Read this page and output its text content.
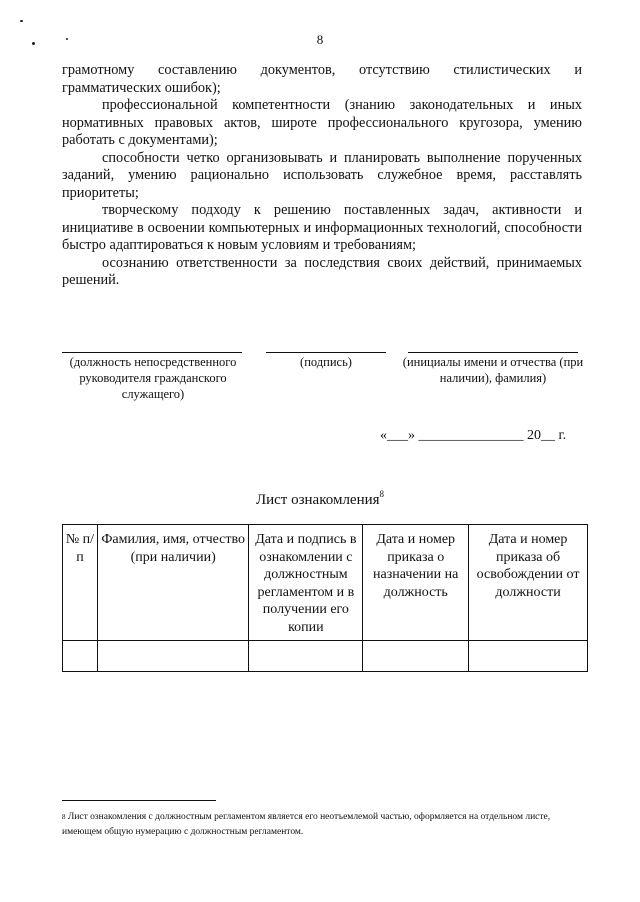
8

грамотному составлению документов, отсутствию стилистических и грамматических ошибок);

профессиональной компетентности (знанию законодательных и иных нормативных правовых актов, широте профессионального кругозора, умению работать с документами);

способности четко организовывать и планировать выполнение порученных заданий, умению рационально использовать служебное время, расставлять приоритеты;

творческому подходу к решению поставленных задач, активности и инициативе в освоении компьютерных и информационных технологий, способности быстро адаптироваться к новым условиям и требованиям;

осознанию ответственности за последствия своих действий, принимаемых решений.

(должность непосредственного руководителя гражданского служащего)
(подпись)	(инициалы имени и отчества (при наличии), фамилия)
«___» _______________ 20__ г.
Лист ознакомления$^8$
№ п/п	Фамилия, имя, отчество (при наличии)	Дата и подпись в ознакомлении с должностным регламентом и в получении его копии	Дата и номер приказа о назначении на должность	Дата и номер приказа об освобождении от должности

$^8$ Лист ознакомления с должностным регламентом является его неотъемлемой частью, оформляется на отдельном листе, имеющем общую нумерацию с должностным регламентом.
